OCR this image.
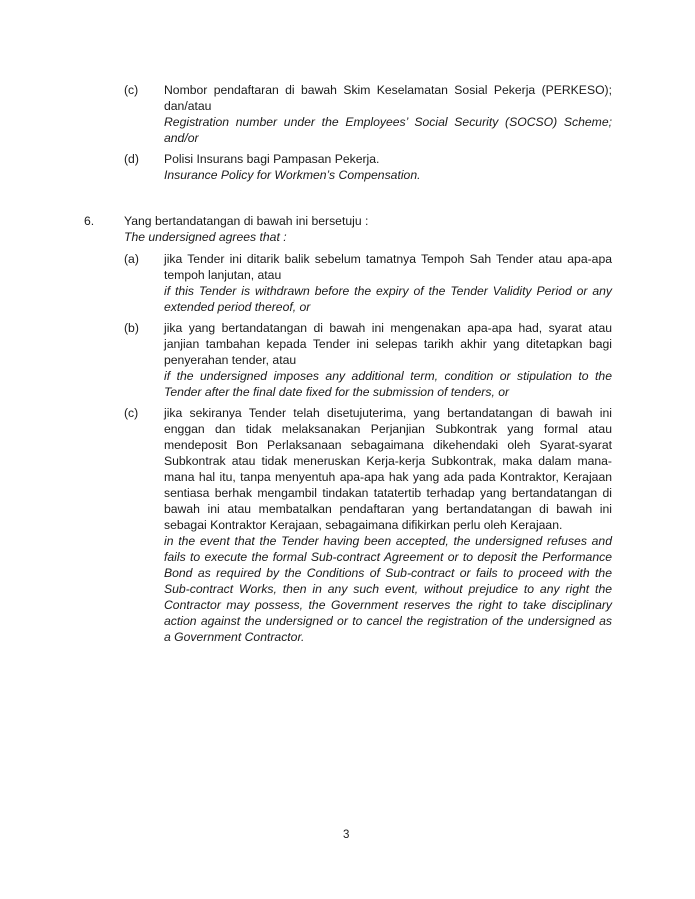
(c) Nombor pendaftaran di bawah Skim Keselamatan Sosial Pekerja (PERKESO);
dan/atau
Registration number under the Employees’ Social Security (SOCSO) Scheme;
and/or
(d) Polisi Insurans bagi Pampasan Pekerja.
Insurance Policy for Workmen’s Compensation.
6. Yang bertandatangan di bawah ini bersetuju :
The undersigned agrees that :
(a) jika Tender ini ditarik balik sebelum tamatnya Tempoh Sah Tender atau apa-apa
tempoh lanjutan, atau
if this Tender is withdrawn before the expiry of the Tender Validity Period or any
extended period thereof, or
(b) jika yang bertandatangan di bawah ini mengenakan apa-apa had, syarat atau
janjian tambahan kepada Tender ini selepas tarikh akhir yang ditetapkan bagi
penyerahan tender, atau
if the undersigned imposes any additional term, condition or stipulation to the
Tender after the final date fixed for the submission of tenders, or
(c) jika sekiranya Tender telah disetujuterima, yang bertandatangan di bawah ini
enggan dan tidak melaksanakan Perjanjian Subkontrak yang formal atau
mendeposit Bon Perlaksanaan sebagaimana dikehendaki oleh Syarat-syarat
Subkontrak atau tidak meneruskan Kerja-kerja Subkontrak, maka dalam mana-
mana hal itu, tanpa menyentuh apa-apa hak yang ada pada Kontraktor, Kerajaan
sentiasa berhak mengambil tindakan tatatertib terhadap yang bertandatangan di
bawah ini atau membatalkan pendaftaran yang bertandatangan di bawah ini
sebagai Kontraktor Kerajaan, sebagaimana difikirkan perlu oleh Kerajaan.
in the event that the Tender having been accepted, the undersigned refuses and
fails to execute the formal Sub-contract Agreement or to deposit the Performance
Bond as required by the Conditions of Sub-contract or fails to proceed with the
Sub-contract Works, then in any such event, without prejudice to any right the
Contractor may possess, the Government reserves the right to take disciplinary
action against the undersigned or to cancel the registration of the undersigned as
a Government Contractor.
3
